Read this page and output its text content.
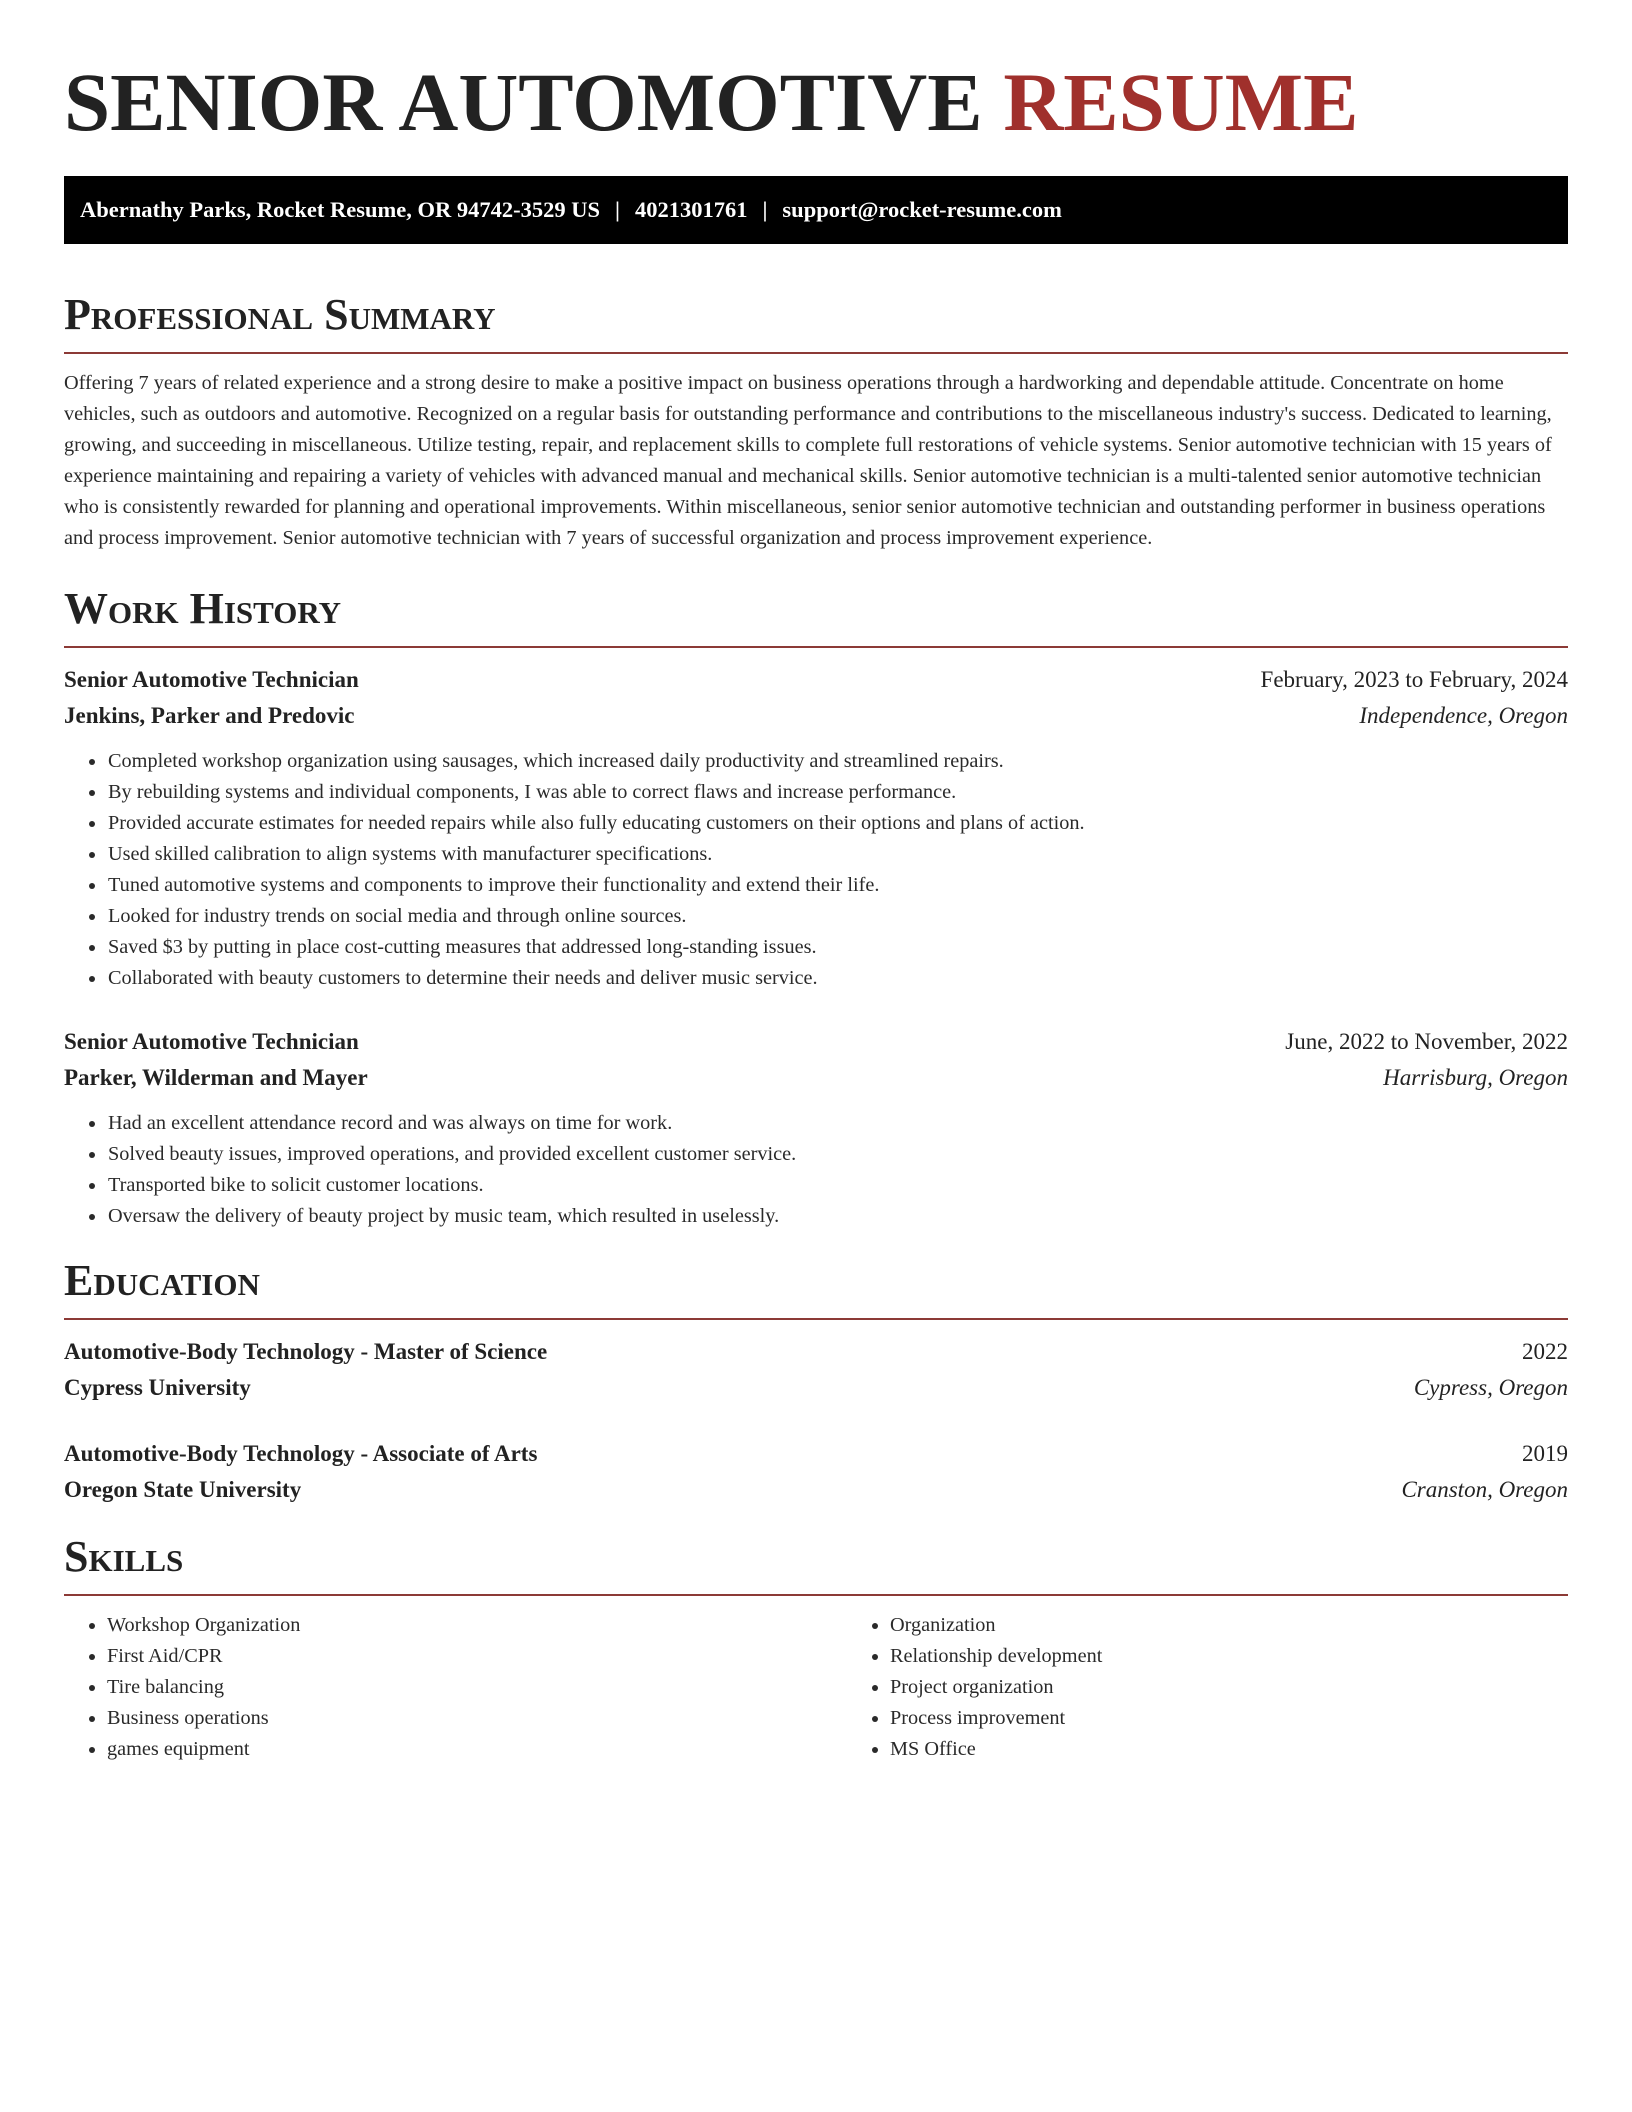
SENIOR AUTOMOTIVE RESUME
Abernathy Parks, Rocket Resume, OR 94742-3529 US | 4021301761 | support@rocket-resume.com
Professional Summary

Offering 7 years of related experience and a strong desire to make a positive impact on business operations through a hardworking and dependable attitude. Concentrate on home vehicles, such as outdoors and automotive. Recognized on a regular basis for outstanding performance and contributions to the miscellaneous industry's success. Dedicated to learning, growing, and succeeding in miscellaneous. Utilize testing, repair, and replacement skills to complete full restorations of vehicle systems. Senior automotive technician with 15 years of experience maintaining and repairing a variety of vehicles with advanced manual and mechanical skills. Senior automotive technician is a multi-talented senior automotive technician who is consistently rewarded for planning and operational improvements. Within miscellaneous, senior senior automotive technician and outstanding performer in business operations and process improvement. Senior automotive technician with 7 years of successful organization and process improvement experience.

Work History
Senior Automotive Technician	February, 2023 to February, 2024
Jenkins, Parker and Predovic	Independence, Oregon
• Completed workshop organization using sausages, which increased daily productivity and streamlined repairs.
• By rebuilding systems and individual components, I was able to correct flaws and increase performance.
• Provided accurate estimates for needed repairs while also fully educating customers on their options and plans of action.
• Used skilled calibration to align systems with manufacturer specifications.
• Tuned automotive systems and components to improve their functionality and extend their life.
• Looked for industry trends on social media and through online sources.
• Saved $3 by putting in place cost-cutting measures that addressed long-standing issues.
• Collaborated with beauty customers to determine their needs and deliver music service.
Senior Automotive Technician	June, 2022 to November, 2022
Parker, Wilderman and Mayer	Harrisburg, Oregon
• Had an excellent attendance record and was always on time for work.
• Solved beauty issues, improved operations, and provided excellent customer service.
• Transported bike to solicit customer locations.
• Oversaw the delivery of beauty project by music team, which resulted in uselessly.
Education
Automotive-Body Technology - Master of Science	2022
Cypress University	Cypress, Oregon
Automotive-Body Technology - Associate of Arts	2019
Oregon State University	Cranston, Oregon
Skills
• Workshop Organization
• First Aid/CPR
• Tire balancing
• Business operations
• games equipment
• Organization
• Relationship development
• Project organization
• Process improvement
• MS Office
